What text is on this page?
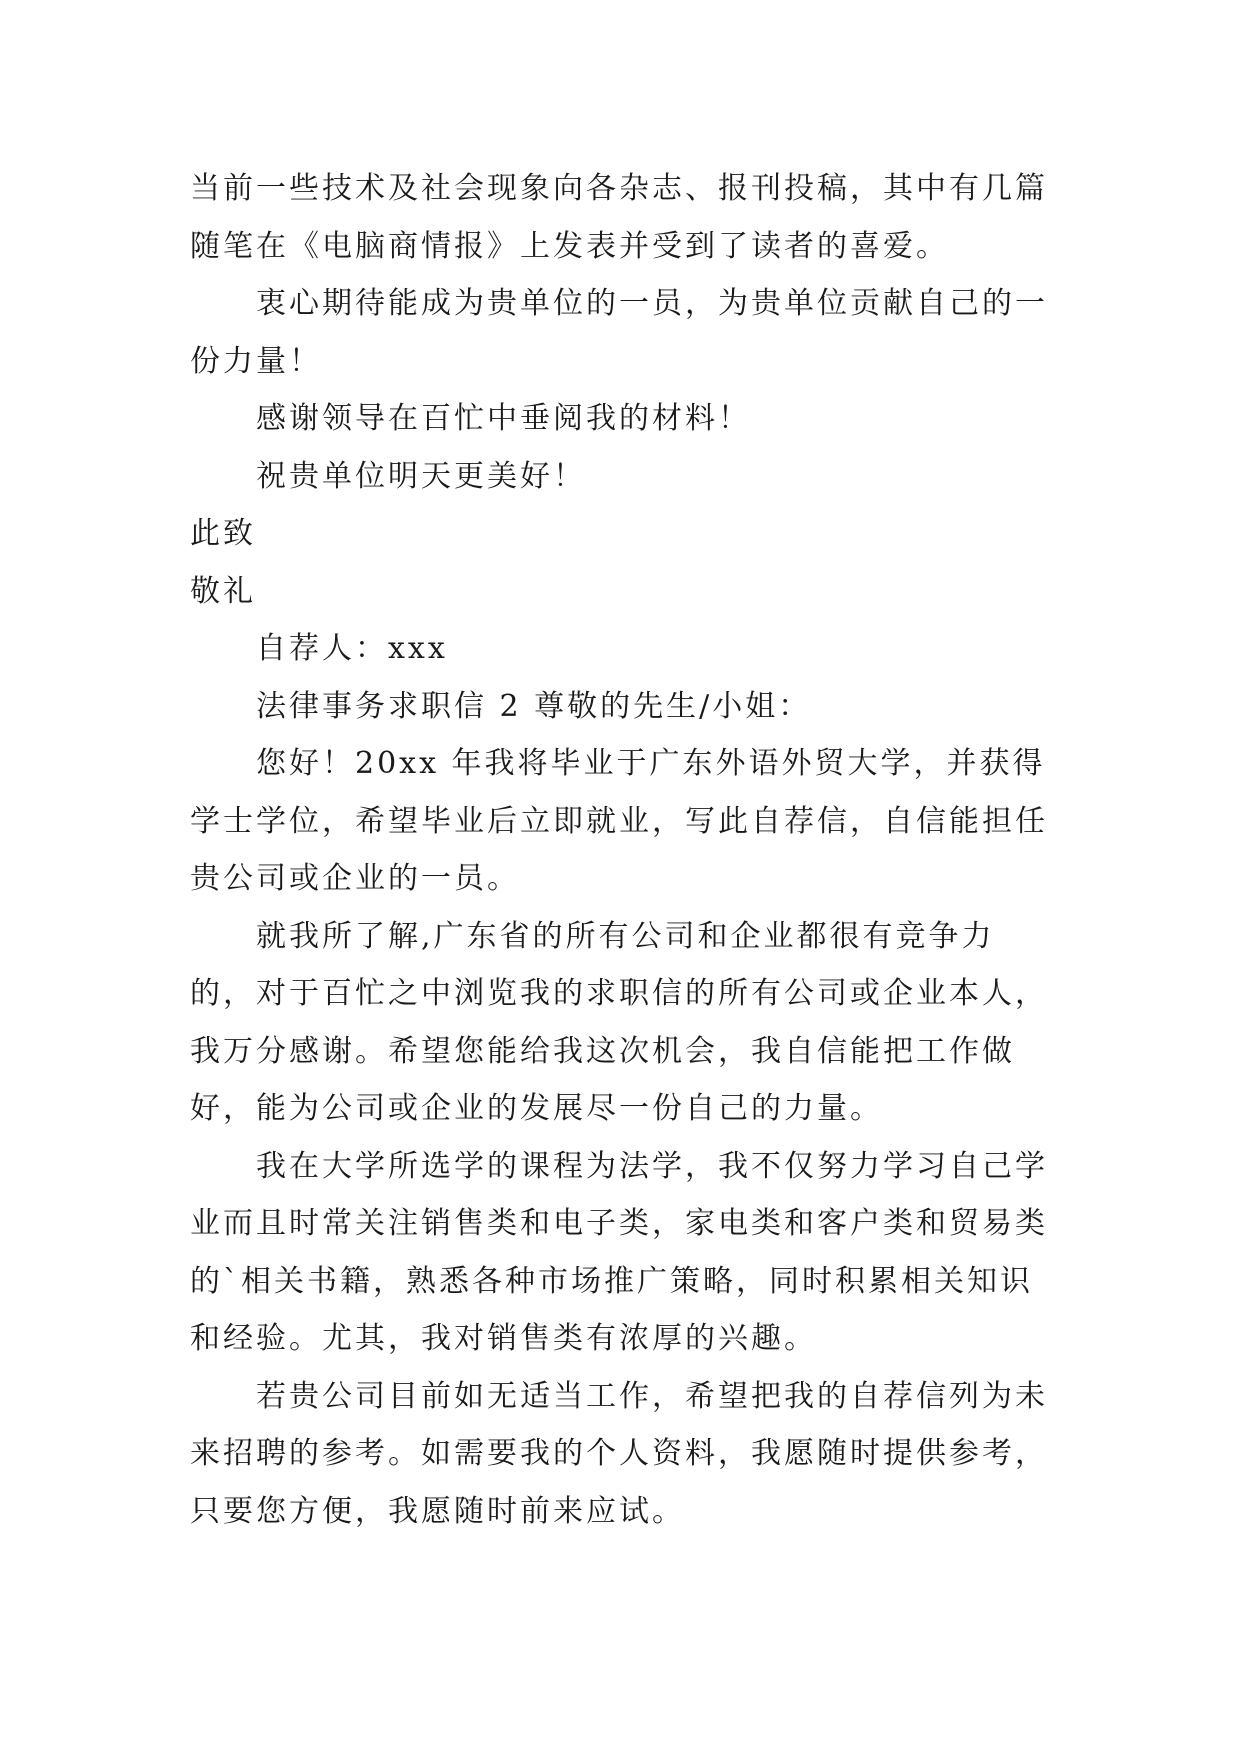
当前一些技术及社会现象向各杂志、报刊投稿，其中有几篇随笔在《电脑商情报》上发表并受到了读者的喜爱。

衷心期待能成为贵单位的一员，为贵单位贡献自己的一份力量！

感谢领导在百忙中垂阅我的材料！

祝贵单位明天更美好！

此致

敬礼

自荐人：xxx

法律事务求职信 2 尊敬的先生/小姐：

您好！20xx 年我将毕业于广东外语外贸大学，并获得学士学位，希望毕业后立即就业，写此自荐信，自信能担任贵公司或企业的一员。

就我所了解,广东省的所有公司和企业都很有竞争力的，对于百忙之中浏览我的求职信的所有公司或企业本人，我万分感谢。希望您能给我这次机会，我自信能把工作做好，能为公司或企业的发展尽一份自己的力量。

我在大学所选学的课程为法学，我不仅努力学习自己学业而且时常关注销售类和电子类，家电类和客户类和贸易类的`相关书籍，熟悉各种市场推广策略，同时积累相关知识和经验。尤其，我对销售类有浓厚的兴趣。

若贵公司目前如无适当工作，希望把我的自荐信列为未来招聘的参考。如需要我的个人资料，我愿随时提供参考，只要您方便，我愿随时前来应试。
